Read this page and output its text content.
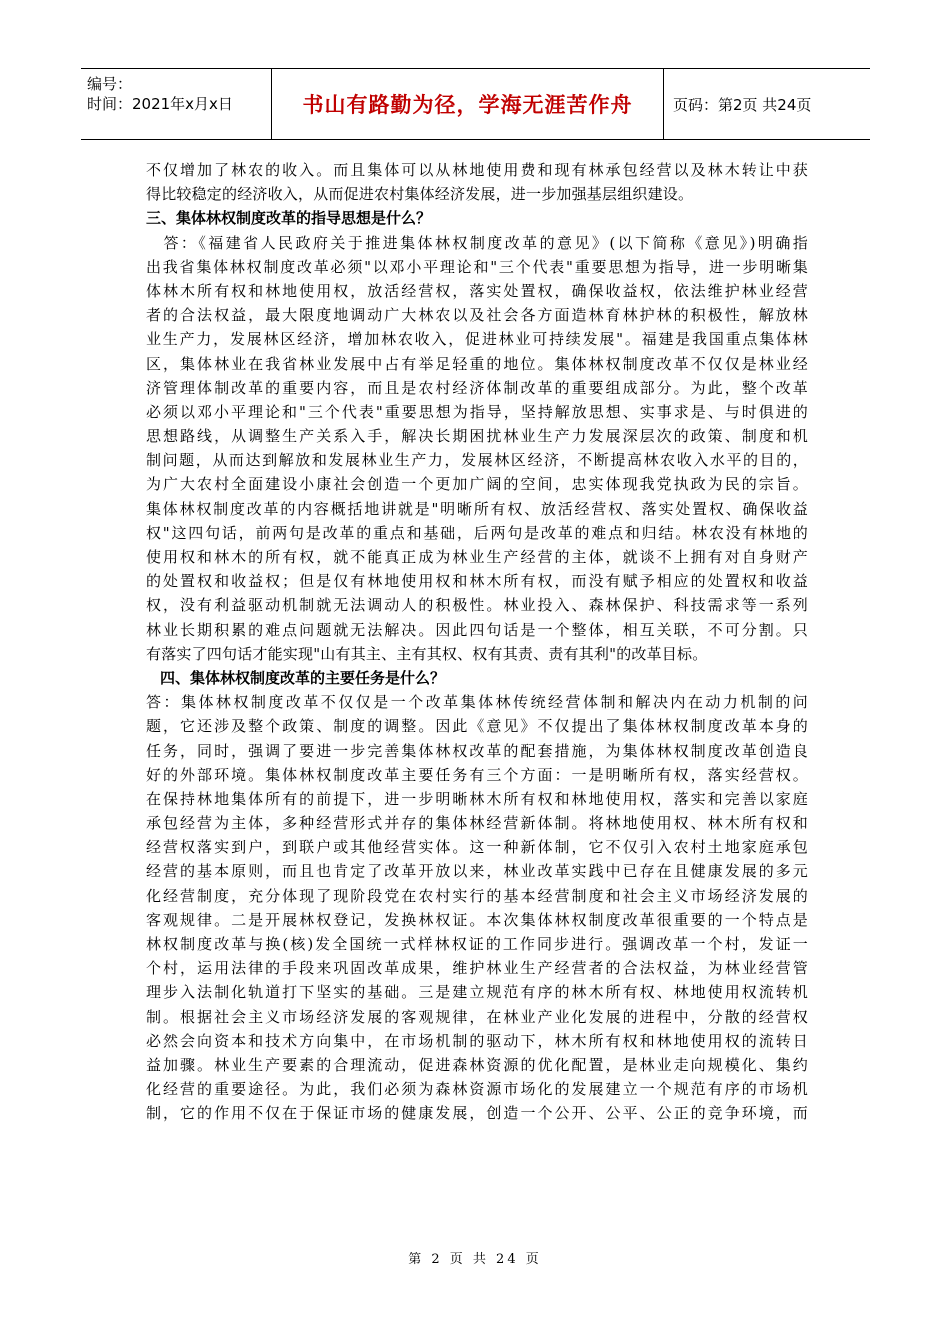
编号：
时间：2021年x月x日	书山有路勤为径，学海无涯苦作舟	页码：第2页 共24页
不仅增加了林农的收入。而且集体可以从林地使用费和现有林承包经营以及林木转让中获
得比较稳定的经济收入，从而促进农村集体经济发展，进一步加强基层组织建设。
三、集体林权制度改革的指导思想是什么？
　答：《福建省人民政府关于推进集体林权制度改革的意见》(以下简称《意见》)明确指
出我省集体林权制度改革必须"以邓小平理论和"三个代表"重要思想为指导，进一步明晰集
体林木所有权和林地使用权，放活经营权，落实处置权，确保收益权，依法维护林业经营
者的合法权益，最大限度地调动广大林农以及社会各方面造林育林护林的积极性，解放林
业生产力，发展林区经济，增加林农收入，促进林业可持续发展"。福建是我国重点集体林
区，集体林业在我省林业发展中占有举足轻重的地位。集体林权制度改革不仅仅是林业经
济管理体制改革的重要内容，而且是农村经济体制改革的重要组成部分。为此，整个改革
必须以邓小平理论和"三个代表"重要思想为指导，坚持解放思想、实事求是、与时俱进的
思想路线，从调整生产关系入手，解决长期困扰林业生产力发展深层次的政策、制度和机
制问题，从而达到解放和发展林业生产力，发展林区经济，不断提高林农收入水平的目的，
为广大农村全面建设小康社会创造一个更加广阔的空间，忠实体现我党执政为民的宗旨。
集体林权制度改革的内容概括地讲就是"明晰所有权、放活经营权、落实处置权、确保收益
权"这四句话，前两句是改革的重点和基础，后两句是改革的难点和归结。林农没有林地的
使用权和林木的所有权，就不能真正成为林业生产经营的主体，就谈不上拥有对自身财产
的处置权和收益权；但是仅有林地使用权和林木所有权，而没有赋予相应的处置权和收益
权，没有利益驱动机制就无法调动人的积极性。林业投入、森林保护、科技需求等一系列
林业长期积累的难点问题就无法解决。因此四句话是一个整体，相互关联，不可分割。只
有落实了四句话才能实现"山有其主、主有其权、权有其责、责有其利"的改革目标。
四、集体林权制度改革的主要任务是什么？
答：集体林权制度改革不仅仅是一个改革集体林传统经营体制和解决内在动力机制的问
题，它还涉及整个政策、制度的调整。因此《意见》不仅提出了集体林权制度改革本身的
任务，同时，强调了要进一步完善集体林权改革的配套措施，为集体林权制度改革创造良
好的外部环境。集体林权制度改革主要任务有三个方面：一是明晰所有权，落实经营权。
在保持林地集体所有的前提下，进一步明晰林木所有权和林地使用权，落实和完善以家庭
承包经营为主体，多种经营形式并存的集体林经营新体制。将林地使用权、林木所有权和
经营权落实到户，到联户或其他经营实体。这一种新体制，它不仅引入农村土地家庭承包
经营的基本原则，而且也肯定了改革开放以来，林业改革实践中已存在且健康发展的多元
化经营制度，充分体现了现阶段党在农村实行的基本经营制度和社会主义市场经济发展的
客观规律。二是开展林权登记，发换林权证。本次集体林权制度改革很重要的一个特点是
林权制度改革与换(核)发全国统一式样林权证的工作同步进行。强调改革一个村，发证一
个村，运用法律的手段来巩固改革成果，维护林业生产经营者的合法权益，为林业经营管
理步入法制化轨道打下坚实的基础。三是建立规范有序的林木所有权、林地使用权流转机
制。根据社会主义市场经济发展的客观规律，在林业产业化发展的进程中，分散的经营权
必然会向资本和技术方向集中，在市场机制的驱动下，林木所有权和林地使用权的流转日
益加骤。林业生产要素的合理流动，促进森林资源的优化配置，是林业走向规模化、集约
化经营的重要途径。为此，我们必须为森林资源市场化的发展建立一个规范有序的市场机
制，它的作用不仅在于保证市场的健康发展，创造一个公开、公平、公正的竞争环境，而
第 2 页 共 24 页
